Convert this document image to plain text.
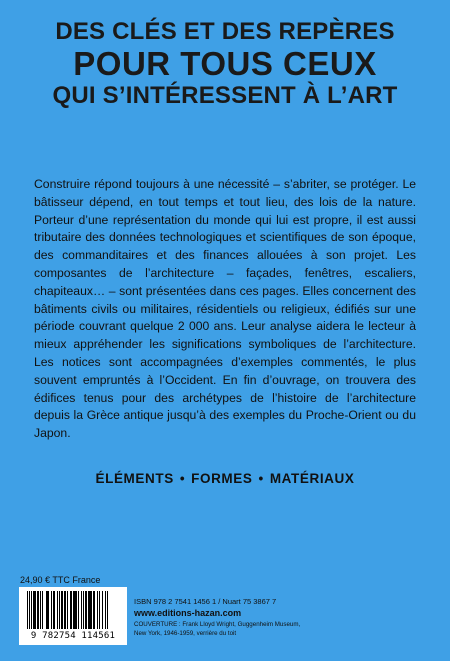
DES CLÉS ET DES REPÈRES
POUR TOUS CEUX
QUI S’INTÉRESSENT À L’ART
Construire répond toujours à une nécessité – s’abriter, se protéger. Le bâtisseur dépend, en tout temps et tout lieu, des lois de la nature. Porteur d’une représentation du monde qui lui est propre, il est aussi tributaire des données technologiques et scientifiques de son époque, des commanditaires et des finances allouées à son projet. Les composantes de l’architecture – façades, fenêtres, escaliers, chapiteaux… – sont présentées dans ces pages. Elles concernent des bâtiments civils ou militaires, résidentiels ou religieux, édifiés sur une période couvrant quelque 2 000 ans. Leur analyse aidera le lecteur à mieux appréhender les significations symboliques de l’architecture. Les notices sont accompagnées d’exemples commentés, le plus souvent empruntés à l’Occident. En fin d’ouvrage, on trouvera des édifices tenus pour des archétypes de l’histoire de l’architecture depuis la Grèce antique jusqu’à des exemples du Proche-Orient ou du Japon.
ÉLÉMENTS • FORMES • MATÉRIAUX
24,90 € TTC France
9 782754 114561
ISBN 978 2 7541 1456 1 / Nuart 75 3867 7
www.editions-hazan.com
COUVERTURE : Frank Lloyd Wright, Guggenheim Museum,
New York, 1946-1959, verrière du toit
